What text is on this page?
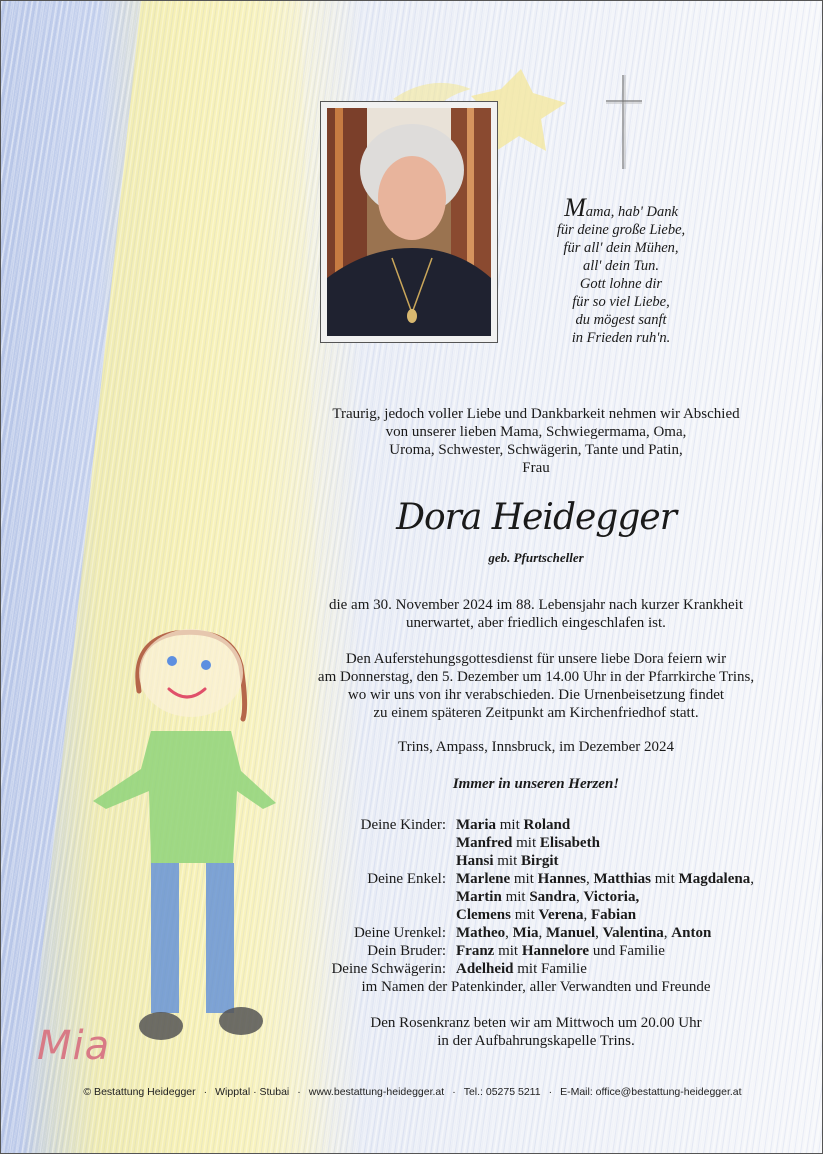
Mama, hab' Dank
für deine große Liebe,
für all' dein Mühen,
all' dein Tun.
Gott lohne dir
für so viel Liebe,
du mögest sanft
in Frieden ruh'n.
Traurig, jedoch voller Liebe und Dankbarkeit nehmen wir Abschied
von unserer lieben Mama, Schwiegermama, Oma,
Uroma, Schwester, Schwägerin, Tante und Patin,
Frau
Dora Heidegger
geb. Pfurtscheller
die am 30. November 2024 im 88. Lebensjahr nach kurzer Krankheit
unerwartet, aber friedlich eingeschlafen ist.
Den Auferstehungsgottesdienst für unsere liebe Dora feiern wir
am Donnerstag, den 5. Dezember um 14.00 Uhr in der Pfarrkirche Trins,
wo wir uns von ihr verabschieden. Die Urnenbeisetzung findet
zu einem späteren Zeitpunkt am Kirchenfriedhof statt.
Trins, Ampass, Innsbruck, im Dezember 2024
Immer in unseren Herzen!
Deine Kinder: Maria mit Roland
Manfred mit Elisabeth
Hansi mit Birgit
Deine Enkel: Marlene mit Hannes, Matthias mit Magdalena,
Martin mit Sandra, Victoria,
Clemens mit Verena, Fabian
Deine Urenkel: Matheo, Mia, Manuel, Valentina, Anton
Dein Bruder: Franz mit Hannelore und Familie
Deine Schwägerin: Adelheid mit Familie
im Namen der Patenkinder, aller Verwandten und Freunde
Den Rosenkranz beten wir am Mittwoch um 20.00 Uhr
in der Aufbahrungskapelle Trins.
Mia
© Bestattung Heidegger · Wipptal · Stubai · www.bestattung-heidegger.at · Tel.: 05275 5211 · E-Mail: office@bestattung-heidegger.at
